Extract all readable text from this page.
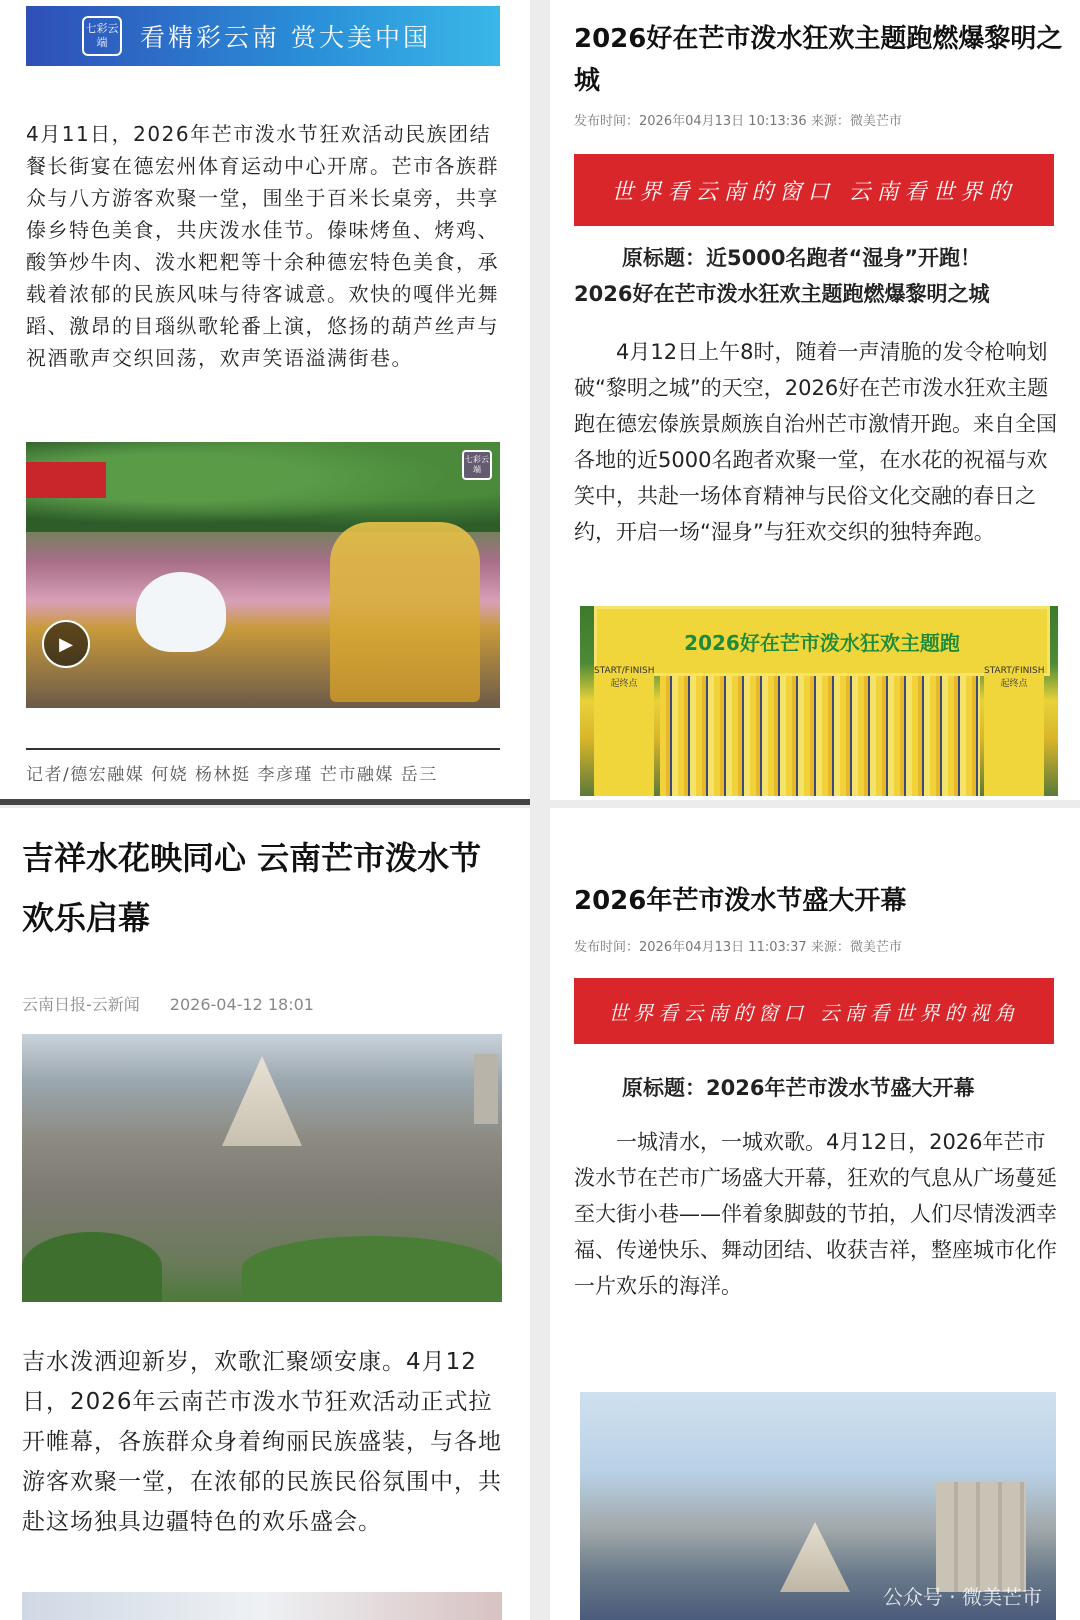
七彩云端	看精彩云南 赏大美中国
4月11日，2026年芒市泼水节狂欢活动民族团结餐长街宴在德宏州体育运动中心开席。芒市各族群众与八方游客欢聚一堂，围坐于百米长桌旁，共享傣乡特色美食，共庆泼水佳节。傣味烤鱼、烤鸡、酸笋炒牛肉、泼水粑粑等十余种德宏特色美食，承载着浓郁的民族风味与待客诚意。欢快的嘎伴光舞蹈、激昂的目瑙纵歌轮番上演，悠扬的葫芦丝声与祝酒歌声交织回荡，欢声笑语溢满街巷。
七彩云端
▶
记者/德宏融媒 何娆 杨林挺 李彦瑾 芒市融媒 岳三
2026好在芒市泼水狂欢主题跑燃爆黎明之城
发布时间：2026年04月13日 10:13:36 来源：微美芒市
世界看云南的窗口 云南看世界的
原标题：近5000名跑者“湿身”开跑！
2026好在芒市泼水狂欢主题跑燃爆黎明之城
4月12日上午8时，随着一声清脆的发令枪响划破“黎明之城”的天空，2026好在芒市泼水狂欢主题跑在德宏傣族景颇族自治州芒市激情开跑。来自全国各地的近5000名跑者欢聚一堂，在水花的祝福与欢笑中，共赴一场体育精神与民俗文化交融的春日之约，开启一场“湿身”与狂欢交织的独特奔跑。
2026好在芒市泼水狂欢主题跑
START/FINISH 起终点
START/FINISH 起终点
吉祥水花映同心 云南芒市泼水节欢乐启幕
云南日报-云新闻 2026-04-12 18:01
吉水泼洒迎新岁，欢歌汇聚颂安康。4月12日，2026年云南芒市泼水节狂欢活动正式拉开帷幕，各族群众身着绚丽民族盛装，与各地游客欢聚一堂，在浓郁的民族民俗氛围中，共赴这场独具边疆特色的欢乐盛会。
2026年芒市泼水节盛大开幕
发布时间：2026年04月13日 11:03:37 来源：微美芒市
世界看云南的窗口 云南看世界的视角
原标题：2026年芒市泼水节盛大开幕
一城清水，一城欢歌。4月12日，2026年芒市泼水节在芒市广场盛大开幕，狂欢的气息从广场蔓延至大街小巷——伴着象脚鼓的节拍，人们尽情泼洒幸福、传递快乐、舞动团结、收获吉祥，整座城市化作一片欢乐的海洋。
公众号 · 微美芒市
